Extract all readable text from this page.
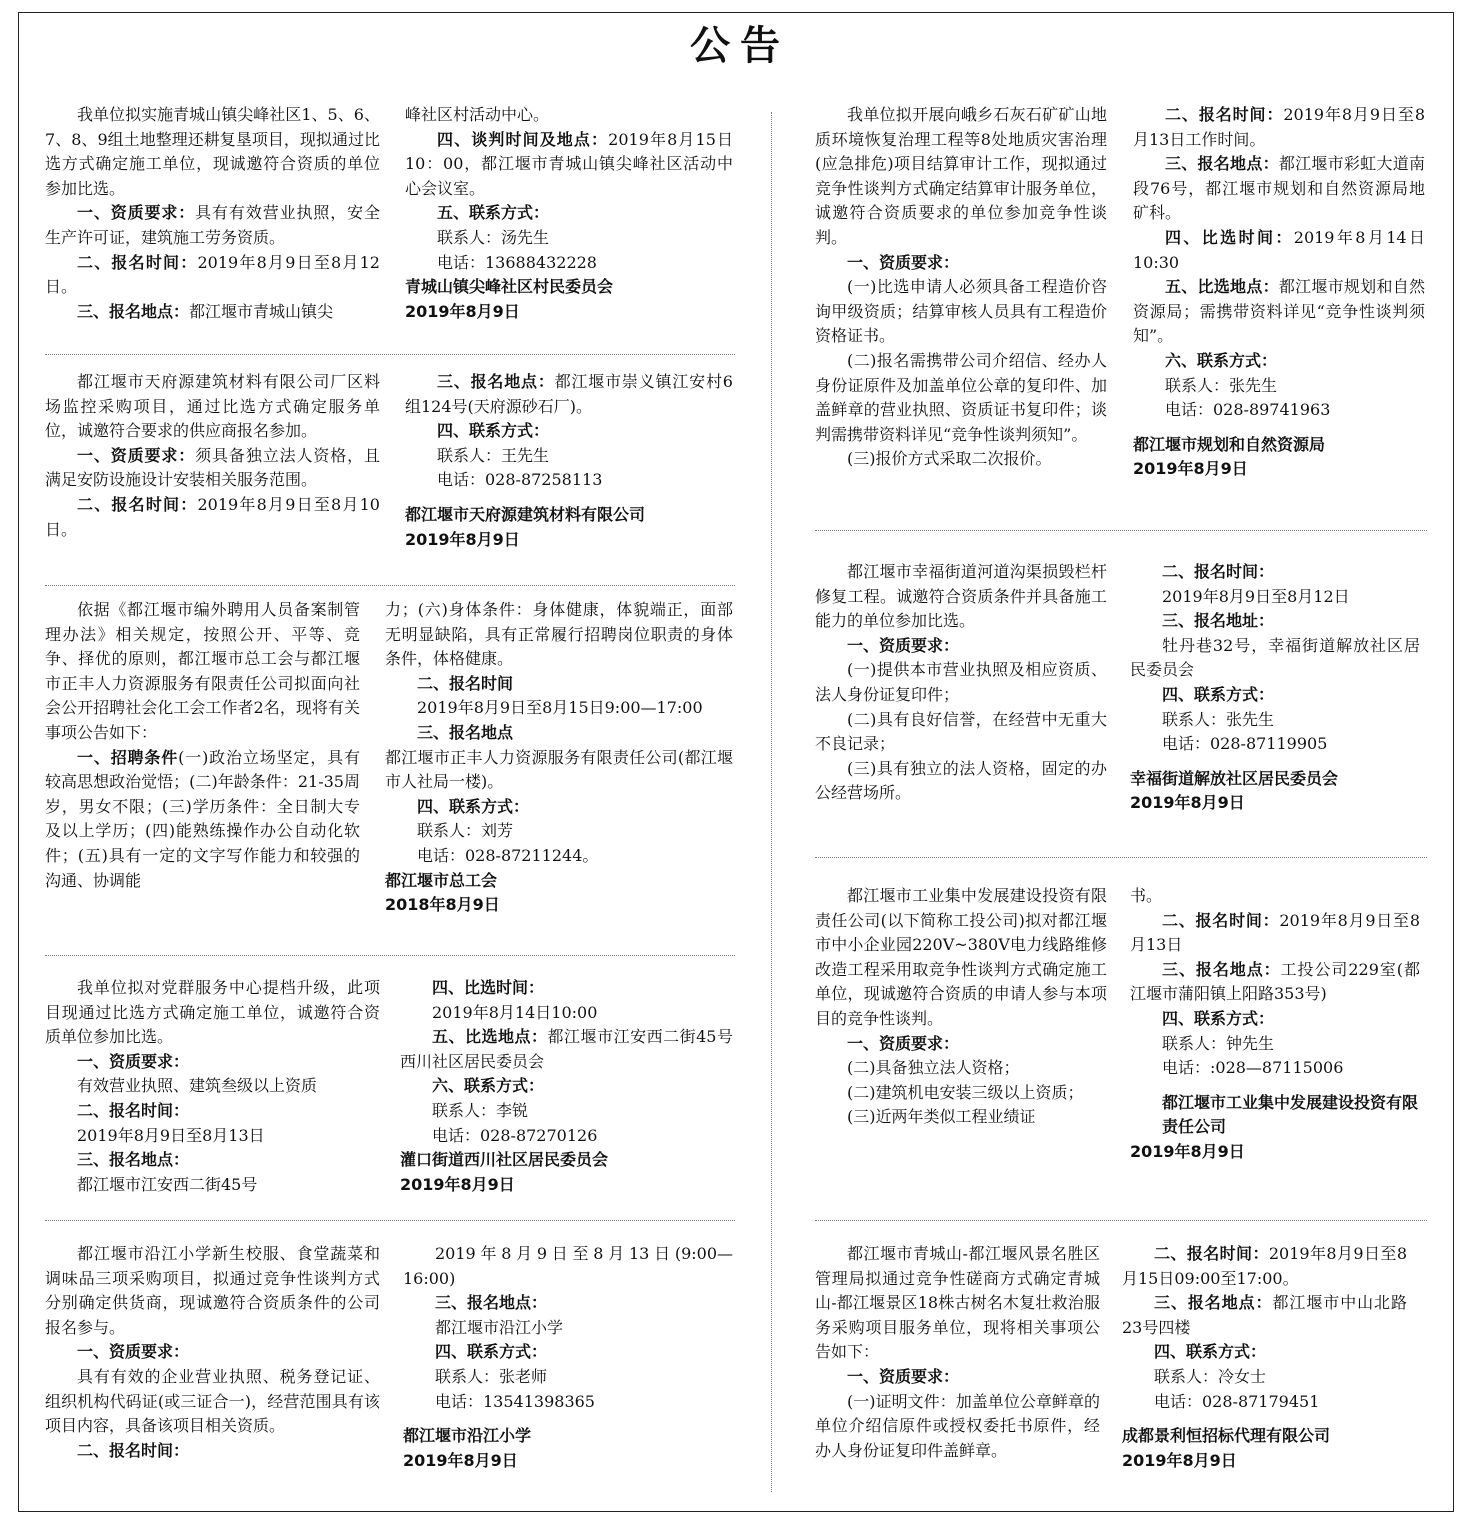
公告

我单位拟实施青城山镇尖峰社区1、5、6、7、8、9组土地整理还耕复垦项目，现拟通过比选方式确定施工单位，现诚邀符合资质的单位参加比选。

一、资质要求：具有有效营业执照，安全生产许可证，建筑施工劳务资质。

二、报名时间：2019年8月9日至8月12日。

三、报名地点：都江堰市青城山镇尖

峰社区村活动中心。

四、谈判时间及地点：2019年8月15日10：00，都江堰市青城山镇尖峰社区活动中心会议室。

五、联系方式：

联系人：汤先生

电话：13688432228

青城山镇尖峰社区村民委员会

2019年8月9日

都江堰市天府源建筑材料有限公司厂区料场监控采购项目，通过比选方式确定服务单位，诚邀符合要求的供应商报名参加。

一、资质要求：须具备独立法人资格，且满足安防设施设计安装相关服务范围。

二、报名时间：2019年8月9日至8月10日。

三、报名地点：都江堰市崇义镇江安村6组124号(天府源砂石厂)。

四、联系方式：

联系人：王先生

电话：028-87258113

都江堰市天府源建筑材料有限公司

2019年8月9日

依据《都江堰市编外聘用人员备案制管理办法》相关规定，按照公开、平等、竞争、择优的原则，都江堰市总工会与都江堰市正丰人力资源服务有限责任公司拟面向社会公开招聘社会化工会工作者2名，现将有关事项公告如下：

一、招聘条件(一)政治立场坚定，具有较高思想政治觉悟；(二)年龄条件：21-35周岁，男女不限；(三)学历条件：全日制大专及以上学历；(四)能熟练操作办公自动化软件；(五)具有一定的文字写作能力和较强的沟通、协调能

力；(六)身体条件：身体健康，体貌端正，面部无明显缺陷，具有正常履行招聘岗位职责的身体条件，体格健康。

二、报名时间

2019年8月9日至8月15日9:00—17:00

三、报名地点

都江堰市正丰人力资源服务有限责任公司(都江堰市人社局一楼)。

四、联系方式：

联系人：刘芳

电话：028-87211244。

都江堰市总工会

2018年8月9日

我单位拟对党群服务中心提档升级，此项目现通过比选方式确定施工单位，诚邀符合资质单位参加比选。

一、资质要求：

有效营业执照、建筑叁级以上资质

二、报名时间：

2019年8月9日至8月13日

三、报名地点：

都江堰市江安西二街45号

四、比选时间：

2019年8月14日10:00

五、比选地点：都江堰市江安西二街45号西川社区居民委员会

六、联系方式：

联系人：李锐

电话：028-87270126

灌口街道西川社区居民委员会

2019年8月9日

都江堰市沿江小学新生校服、食堂蔬菜和调味品三项采购项目，拟通过竞争性谈判方式分别确定供货商，现诚邀符合资质条件的公司报名参与。

一、资质要求：

具有有效的企业营业执照、税务登记证、组织机构代码证(或三证合一)，经营范围具有该项目内容，具备该项目相关资质。

二、报名时间：

2019年8月9日至8月13日(9:00—16:00)

三、报名地点：

都江堰市沿江小学

四、联系方式：

联系人：张老师

电话：13541398365

都江堰市沿江小学

2019年8月9日

我单位拟开展向峨乡石灰石矿矿山地质环境恢复治理工程等8处地质灾害治理(应急排危)项目结算审计工作，现拟通过竞争性谈判方式确定结算审计服务单位，诚邀符合资质要求的单位参加竞争性谈判。

一、资质要求：

(一)比选申请人必须具备工程造价咨询甲级资质；结算审核人员具有工程造价资格证书。

(二)报名需携带公司介绍信、经办人身份证原件及加盖单位公章的复印件、加盖鲜章的营业执照、资质证书复印件；谈判需携带资料详见“竞争性谈判须知”。

(三)报价方式采取二次报价。

二、报名时间：2019年8月9日至8月13日工作时间。

三、报名地点：都江堰市彩虹大道南段76号，都江堰市规划和自然资源局地矿科。

四、比选时间：2019年8月14日10:30

五、比选地点：都江堰市规划和自然资源局；需携带资料详见“竞争性谈判须知”。

六、联系方式：

联系人：张先生

电话：028-89741963

都江堰市规划和自然资源局

2019年8月9日

都江堰市幸福街道河道沟渠损毁栏杆修复工程。诚邀符合资质条件并具备施工能力的单位参加比选。

一、资质要求：

(一)提供本市营业执照及相应资质、法人身份证复印件；

(二)具有良好信誉，在经营中无重大不良记录；

(三)具有独立的法人资格，固定的办公经营场所。

二、报名时间：

2019年8月9日至8月12日

三、报名地址：

牡丹巷32号，幸福街道解放社区居民委员会

四、联系方式：

联系人：张先生

电话：028-87119905

幸福街道解放社区居民委员会

2019年8月9日

都江堰市工业集中发展建设投资有限责任公司(以下简称工投公司)拟对都江堰市中小企业园220V~380V电力线路维修改造工程采用取竞争性谈判方式确定施工单位，现诚邀符合资质的申请人参与本项目的竞争性谈判。

一、资质要求：

(二)具备独立法人资格；

(二)建筑机电安装三级以上资质；

(三)近两年类似工程业绩证

书。

二、报名时间：2019年8月9日至8月13日

三、报名地点：工投公司229室(都江堰市蒲阳镇上阳路353号)

四、联系方式：

联系人：钟先生

电话：:028—87115006

都江堰市工业集中发展建设投资有限责任公司

2019年8月9日

都江堰市青城山-都江堰风景名胜区管理局拟通过竞争性磋商方式确定青城山-都江堰景区18株古树名木复壮救治服务采购项目服务单位，现将相关事项公告如下：

一、资质要求：

(一)证明文件：加盖单位公章鲜章的单位介绍信原件或授权委托书原件，经办人身份证复印件盖鲜章。

二、报名时间：2019年8月9日至8月15日09:00至17:00。

三、报名地点：都江堰市中山北路23号四楼

四、联系方式：

联系人：冷女士

电话：028-87179451

成都景利恒招标代理有限公司

2019年8月9日
